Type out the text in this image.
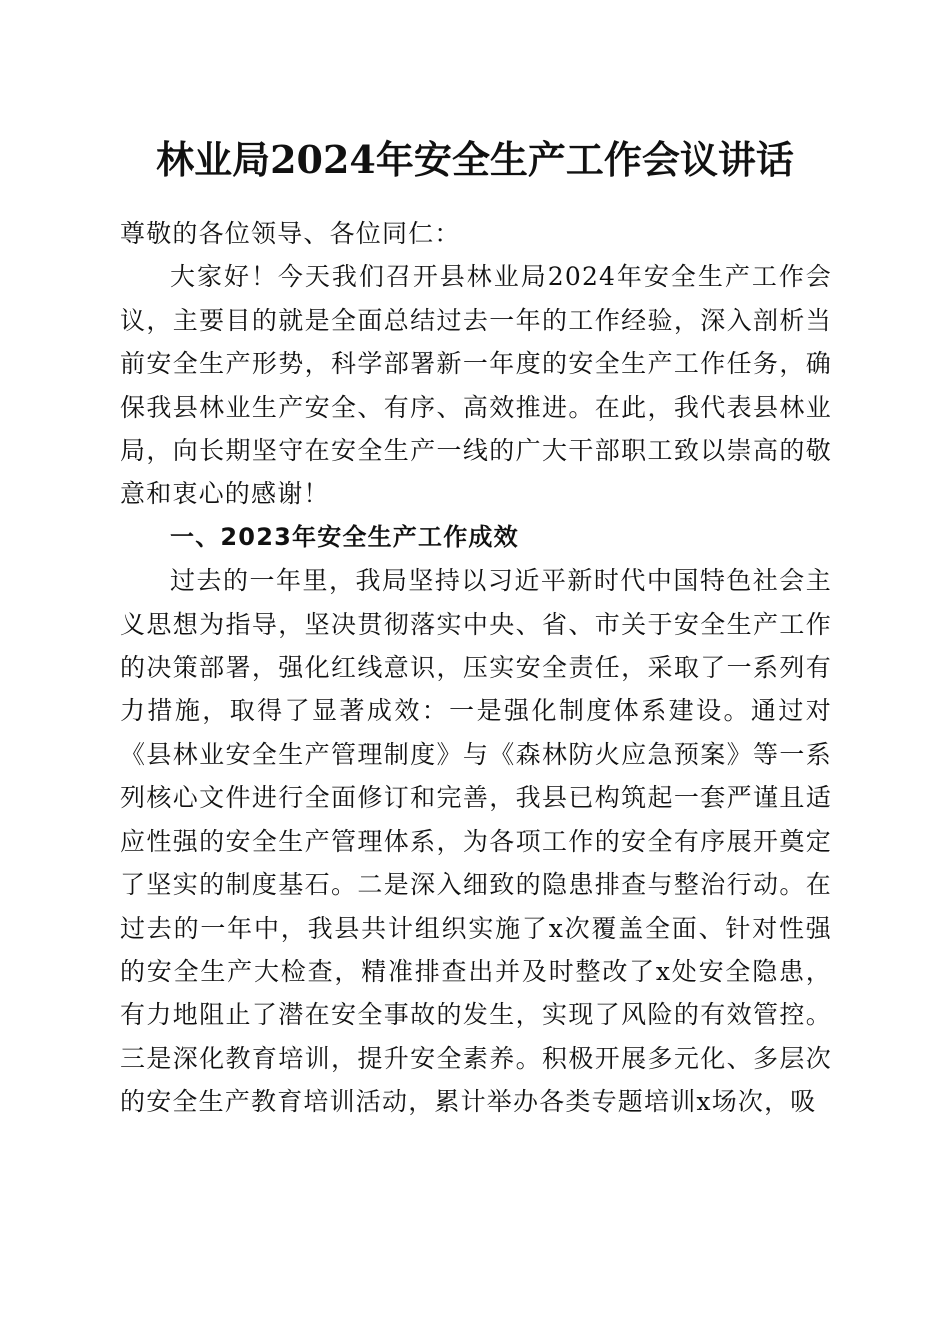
林业局2024年安全生产工作会议讲话

尊敬的各位领导、各位同仁：

大家好！今天我们召开县林业局2024年安全生产工作会议，主要目的就是全面总结过去一年的工作经验，深入剖析当前安全生产形势，科学部署新一年度的安全生产工作任务，确保我县林业生产安全、有序、高效推进。在此，我代表县林业局，向长期坚守在安全生产一线的广大干部职工致以崇高的敬意和衷心的感谢！

一、2023年安全生产工作成效

过去的一年里，我局坚持以习近平新时代中国特色社会主义思想为指导，坚决贯彻落实中央、省、市关于安全生产工作的决策部署，强化红线意识，压实安全责任，采取了一系列有力措施，取得了显著成效：一是强化制度体系建设。通过对《县林业安全生产管理制度》与《森林防火应急预案》等一系列核心文件进行全面修订和完善，我县已构筑起一套严谨且适应性强的安全生产管理体系，为各项工作的安全有序展开奠定了坚实的制度基石。二是深入细致的隐患排查与整治行动。在过去的一年中，我县共计组织实施了x次覆盖全面、针对性强的安全生产大检查，精准排查出并及时整改了x处安全隐患，有力地阻止了潜在安全事故的发生，实现了风险的有效管控。三是深化教育培训，提升安全素养。积极开展多元化、多层次的安全生产教育培训活动，累计举办各类专题培训x场次，吸
